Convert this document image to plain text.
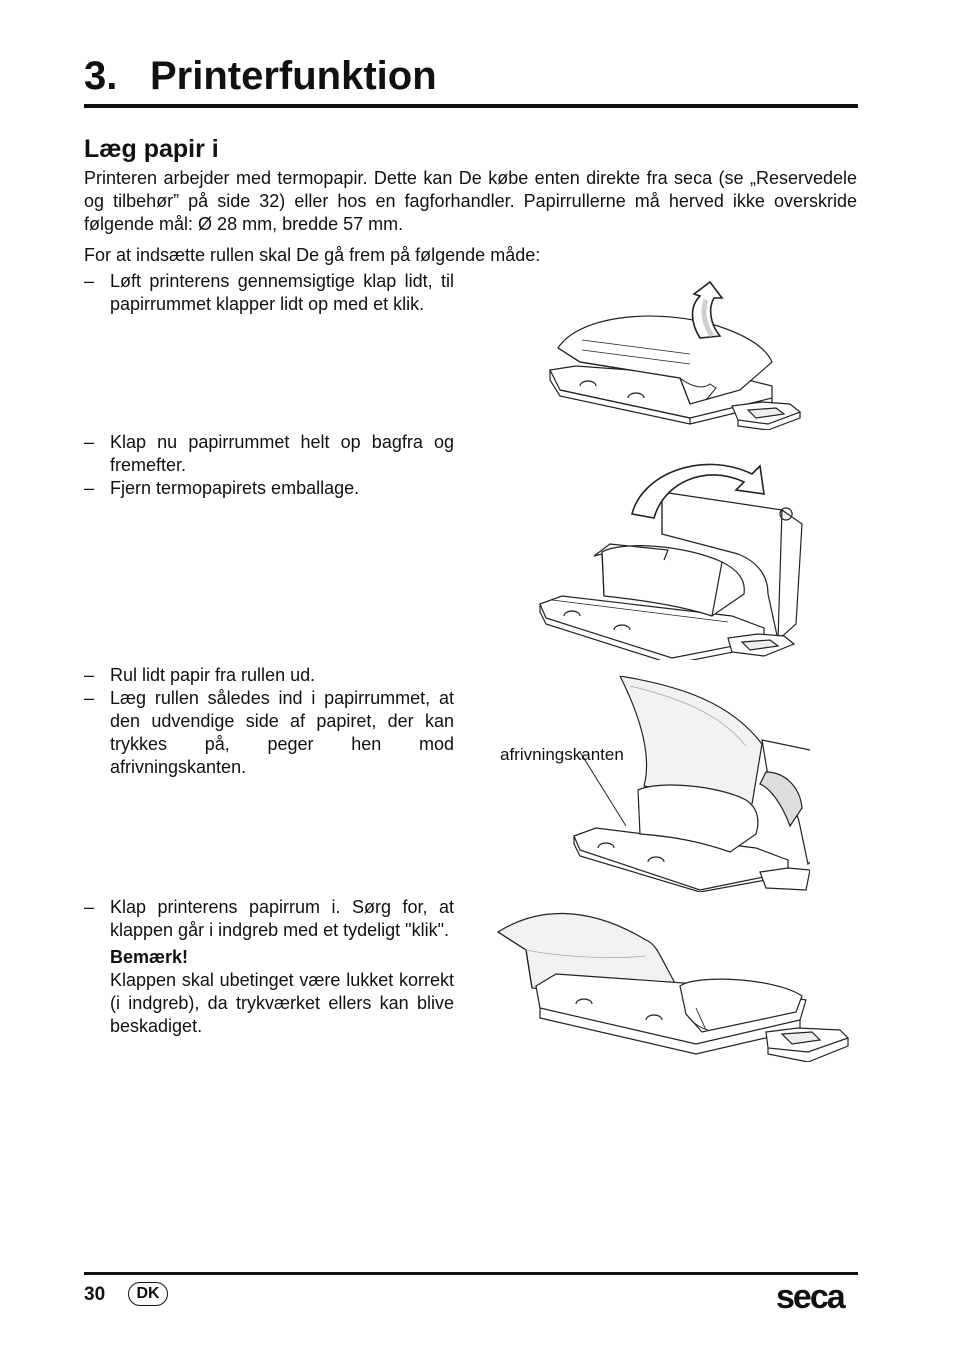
3. Printerfunktion
Læg papir i
Printeren arbejder med termopapir. Dette kan De købe enten direkte fra seca (se „Reservedele og tilbehør” på side 32) eller hos en fagforhandler. Papirrullerne må herved ikke overskride følgende mål: Ø 28 mm, bredde 57 mm.
For at indsætte rullen skal De gå frem på følgende måde:
– Løft printerens gennemsigtige klap lidt, til papirrummet klapper lidt op med et klik.
– Klap nu papirrummet helt op bagfra og fremefter.
– Fjern termopapirets emballage.
– Rul lidt papir fra rullen ud.
– Læg rullen således ind i papirrummet, at den udvendige side af papiret, der kan trykkes på, peger hen mod afrivningskanten.
– Klap printerens papirrum i. Sørg for, at klappen går i indgreb med et tydeligt "klik".
Bemærk!
Klappen skal ubetinget være lukket korrekt (i indgreb), da trykværket ellers kan blive beskadiget.
afrivningskanten
30	DK	seca
